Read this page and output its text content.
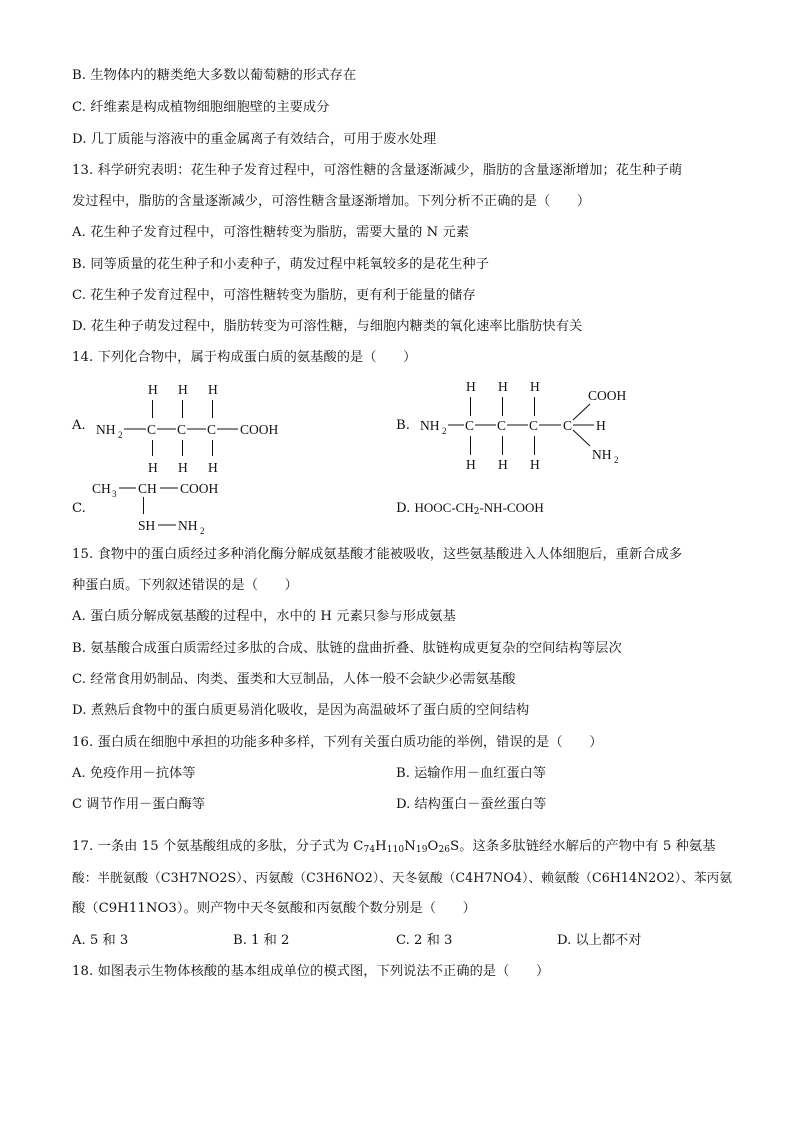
B. 生物体内的糖类绝大多数以葡萄糖的形式存在
C. 纤维素是构成植物细胞细胞壁的主要成分
D. 几丁质能与溶液中的重金属离子有效结合，可用于废水处理
13. 科学研究表明：花生种子发育过程中，可溶性糖的含量逐渐减少，脂肪的含量逐渐增加；花生种子萌
发过程中，脂肪的含量逐渐减少，可溶性糖含量逐渐增加。下列分析不正确的是（　　）
A. 花生种子发育过程中，可溶性糖转变为脂肪，需要大量的 N 元素
B. 同等质量的花生种子和小麦种子，萌发过程中耗氧较多的是花生种子
C. 花生种子发育过程中，可溶性糖转变为脂肪，更有利于能量的储存
D. 花生种子萌发过程中，脂肪转变为可溶性糖，与细胞内糖类的氧化速率比脂肪快有关
14. 下列化合物中，属于构成蛋白质的氨基酸的是（　　）
A.
H H H
NH 2 C C C COOH
H H H
B.
H H H
COOH
NH 2 C C C C H
NH 2
H H H
C.
CH 3 CH COOH
SH NH 2
D. HOOC-$CH_2-NH$-COOH
15. 食物中的蛋白质经过多种消化酶分解成氨基酸才能被吸收，这些氨基酸进入人体细胞后，重新合成多
种蛋白质。下列叙述错误的是（　　）
A. 蛋白质分解成氨基酸的过程中，水中的 H 元素只参与形成氨基
B. 氨基酸合成蛋白质需经过多肽的合成、肽链的盘曲折叠、肽链构成更复杂的空间结构等层次
C. 经常食用奶制品、肉类、蛋类和大豆制品，人体一般不会缺少必需氨基酸
D. 煮熟后食物中的蛋白质更易消化吸收，是因为高温破坏了蛋白质的空间结构
16. 蛋白质在细胞中承担的功能多种多样，下列有关蛋白质功能的举例，错误的是（　　）
A. 免疫作用－抗体等	B. 运输作用－血红蛋白等
C 调节作用－蛋白酶等	D. 结构蛋白－蚕丝蛋白等
17. 一条由 15 个氨基酸组成的多肽，分子式为 $C_{74}H_{110}N_{19}O_{26}S$。这条多肽链经水解后的产物中有 5 种氨基
酸：半胱氨酸（C3H7NO2S）、丙氨酸（C3H6NO2）、天冬氨酸（C4H7NO4）、赖氨酸（C6H14N2O2）、苯丙氨
酸（C9H11NO3）。则产物中天冬氨酸和丙氨酸个数分别是（　　）
A. 5 和 3	B. 1 和 2	C. 2 和 3	D. 以上都不对
18. 如图表示生物体核酸的基本组成单位的模式图，下列说法不正确的是（　　）
